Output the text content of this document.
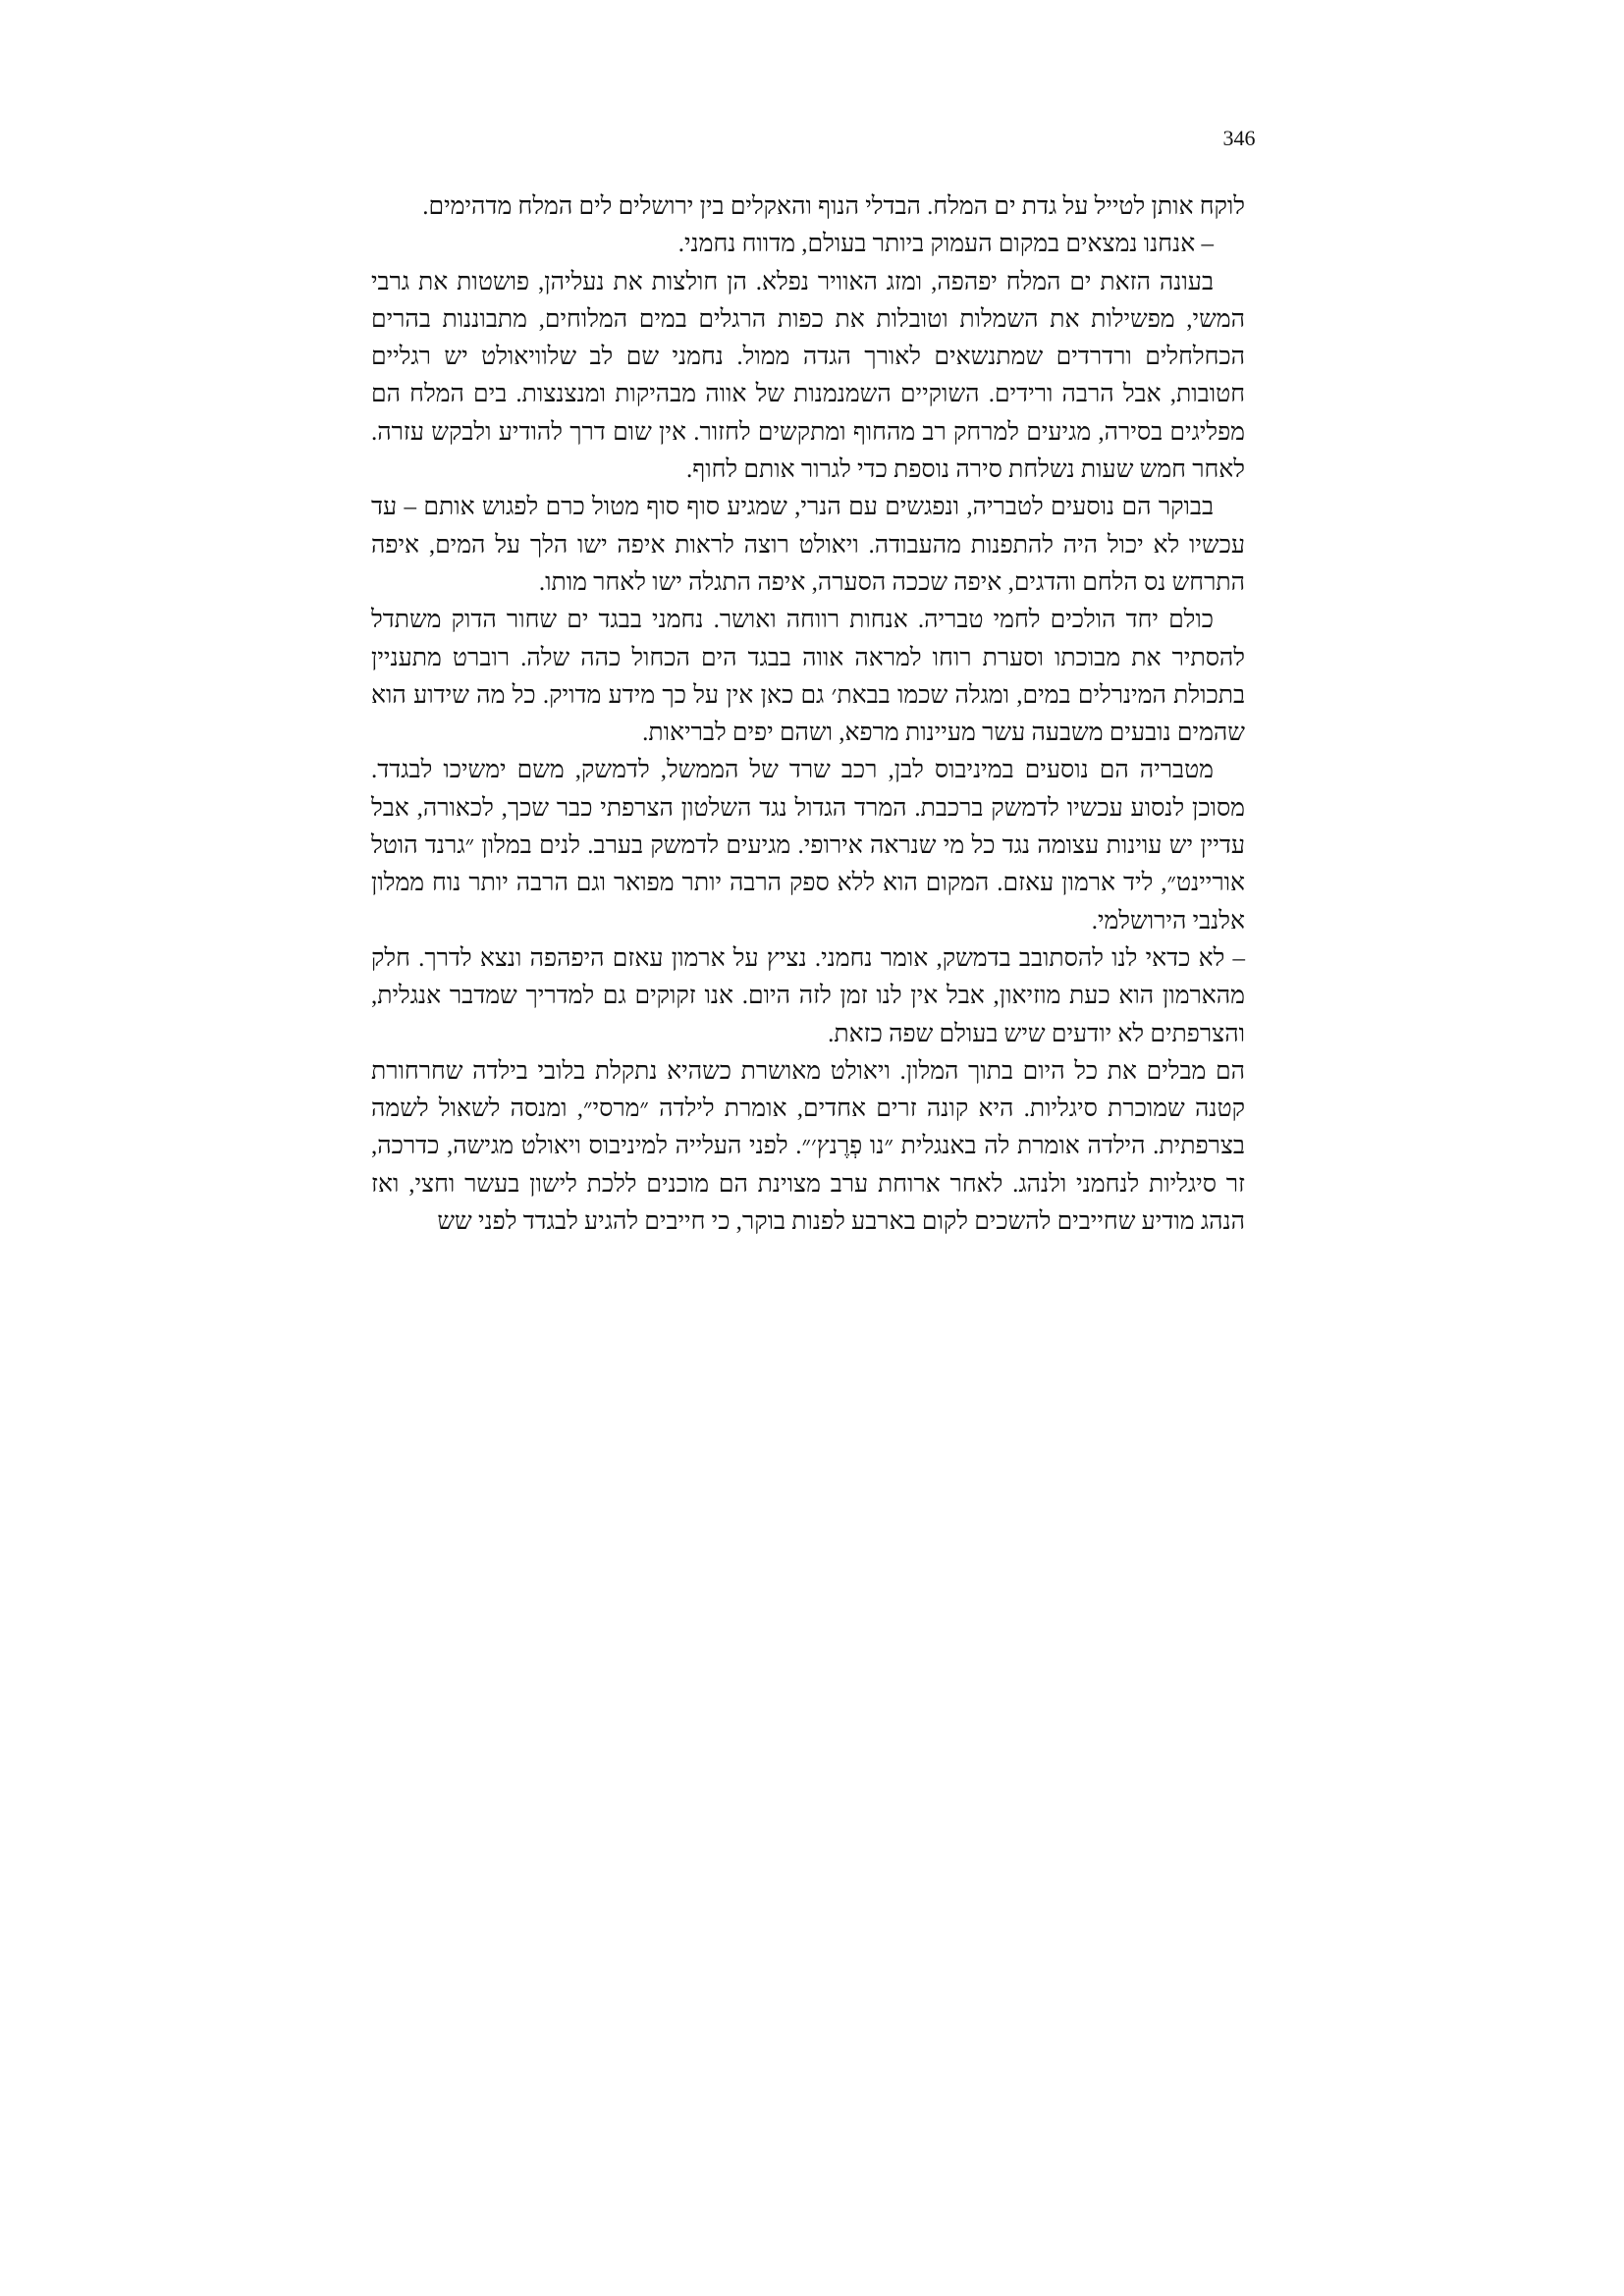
346

לוקח אותן לטייל על גדת ים המלח. הבדלי הנוף והאקלים בין ירושלים לים המלח מדהימים.

– אנחנו נמצאים במקום העמוק ביותר בעולם, מדווח נחמני.

בעונה הזאת ים המלח יפהפה, ומזג האוויר נפלא. הן חולצות את נעליהן, פושטות את גרבי המשי, מפשילות את השמלות וטובלות את כפות הרגלים במים המלוחים, מתבוננות בהרים הכחלחלים ורדרדים שמתנשאים לאורך הגדה ממול. נחמני שם לב שלוויאולט יש רגליים חטובות, אבל הרבה ורידים. השוקיים השמנמנות של אווה מבהיקות ומנצנצות. בים המלח הם מפליגים בסירה, מגיעים למרחק רב מהחוף ומתקשים לחזור. אין שום דרך להודיע ולבקש עזרה. לאחר חמש שעות נשלחת סירה נוספת כדי לגרור אותם לחוף.

בבוקר הם נוסעים לטבריה, ונפגשים עם הנרי, שמגיע סוף סוף מטול כרם לפגוש אותם – עד עכשיו לא יכול היה להתפנות מהעבודה. ויאולט רוצה לראות איפה ישו הלך על המים, איפה התרחש נס הלחם והדגים, איפה שככה הסערה, איפה התגלה ישו לאחר מותו.

כולם יחד הולכים לחמי טבריה. אנחות רווחה ואושר. נחמני בבגד ים שחור הדוק משתדל להסתיר את מבוכתו וסערת רוחו למראה אווה בבגד הים הכחול כהה שלה. רוברט מתעניין בתכולת המינרלים במים, ומגלה שכמו בבאת׳ גם כאן אין על כך מידע מדויק. כל מה שידוע הוא שהמים נובעים משבעה עשר מעיינות מרפא, ושהם יפים לבריאות.

מטבריה הם נוסעים במיניבוס לבן, רכב שרד של הממשל, לדמשק, משם ימשיכו לבגדד. מסוכן לנסוע עכשיו לדמשק ברכבת. המרד הגדול נגד השלטון הצרפתי כבר שכך, לכאורה, אבל עדיין יש עוינות עצומה נגד כל מי שנראה אירופי. מגיעים לדמשק בערב. לנים במלון ״גרנד הוטל אוריינט״, ליד ארמון עאזם. המקום הוא ללא ספק הרבה יותר מפואר וגם הרבה יותר נוח ממלון אלנבי הירושלמי.

– לא כדאי לנו להסתובב בדמשק, אומר נחמני. נציץ על ארמון עאזם היפהפה ונצא לדרך. חלק מהארמון הוא כעת מוזיאון, אבל אין לנו זמן לזה היום. אנו זקוקים גם למדריך שמדבר אנגלית, והצרפתים לא יודעים שיש בעולם שפה כזאת.

הם מבלים את כל היום בתוך המלון. ויאולט מאושרת כשהיא נתקלת בלובי בילדה שחרחורת קטנה שמוכרת סיגליות. היא קונה זרים אחדים, אומרת לילדה ״מרסי״, ומנסה לשאול לשמה בצרפתית. הילדה אומרת לה באנגלית ״נו פְרֶנץ׳״. לפני העלייה למיניבוס ויאולט מגישה, כדרכה, זר סיגליות לנחמני ולנהג. לאחר ארוחת ערב מצוינת הם מוכנים ללכת לישון בעשר וחצי, ואז הנהג מודיע שחייבים להשכים לקום בארבע לפנות בוקר, כי חייבים להגיע לבגדד לפני שש
